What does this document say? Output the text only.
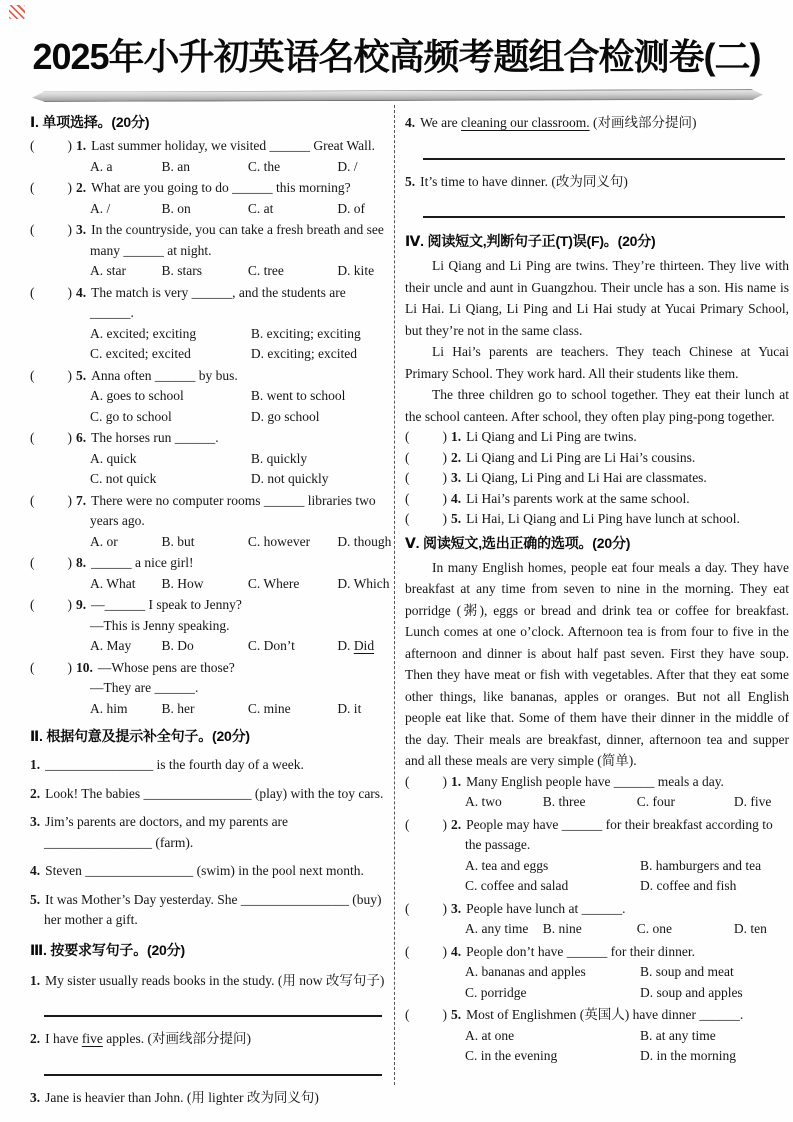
2025年小升初英语名校高频考题组合检测卷(二)
Ⅰ. 单项选择。(20分)
(　　) 1. Last summer holiday, we visited ______ Great Wall.
A. a	B. an	C. the	D. /
(　　) 2. What are you going to do ______ this morning?
A. /	B. on	C. at	D. of
(　　) 3. In the countryside, you can take a fresh breath and see many ______ at night.
A. star	B. stars	C. tree	D. kite
(　　) 4. The match is very ______, and the students are ______.
A. excited; exciting	B. exciting; exciting
C. excited; excited	D. exciting; excited
(　　) 5. Anna often ______ by bus.
A. goes to school	B. went to school
C. go to school	D. go school
(　　) 6. The horses run ______.
A. quick	B. quickly
C. not quick	D. not quickly
(　　) 7. There were no computer rooms ______ libraries two years ago.
A. or	B. but	C. however	D. though
(　　) 8. ______ a nice girl!
A. What	B. How	C. Where	D. Which
(　　) 9. —______ I speak to Jenny?
—This is Jenny speaking.
A. May	B. Do	C. Don’t	D. Did
(　　) 10. —Whose pens are those?
—They are ______.
A. him	B. her	C. mine	D. it
Ⅱ. 根据句意及提示补全句子。(20分)
1. ________________ is the fourth day of a week.
2. Look! The babies ________________ (play) with the toy cars.
3. Jim’s parents are doctors, and my parents are ________________ (farm).
4. Steven ________________ (swim) in the pool next month.
5. It was Mother’s Day yesterday. She ________________ (buy) her mother a gift.
Ⅲ. 按要求写句子。(20分)
1. My sister usually reads books in the study. (用 now 改写句子)
2. I have five apples. (对画线部分提问)
3. Jane is heavier than John. (用 lighter 改为同义句)
4. We are cleaning our classroom. (对画线部分提问)
5. It’s time to have dinner. (改为同义句)
Ⅳ. 阅读短文,判断句子正(T)误(F)。(20分)

Li Qiang and Li Ping are twins. They’re thirteen. They live with their uncle and aunt in Guangzhou. Their uncle has a son. His name is Li Hai. Li Qiang, Li Ping and Li Hai study at Yucai Primary School, but they’re not in the same class.

Li Hai’s parents are teachers. They teach Chinese at Yucai Primary School. They work hard. All their students like them.

The three children go to school together. They eat their lunch at the school canteen. After school, they often play ping-pong together.

(　　) 1. Li Qiang and Li Ping are twins.
(　　) 2. Li Qiang and Li Ping are Li Hai’s cousins.
(　　) 3. Li Qiang, Li Ping and Li Hai are classmates.
(　　) 4. Li Hai’s parents work at the same school.
(　　) 5. Li Hai, Li Qiang and Li Ping have lunch at school.
Ⅴ. 阅读短文,选出正确的选项。(20分)

In many English homes, people eat four meals a day. They have breakfast at any time from seven to nine in the morning. They eat porridge (粥), eggs or bread and drink tea or coffee for breakfast. Lunch comes at one o’clock. Afternoon tea is from four to five in the afternoon and dinner is about half past seven. First they have soup. Then they have meat or fish with vegetables. After that they eat some other things, like bananas, apples or oranges. But not all English people eat like that. Some of them have their dinner in the middle of the day. Their meals are breakfast, dinner, afternoon tea and supper and all these meals are very simple (简单).

(　　) 1. Many English people have ______ meals a day.
A. two	B. three	C. four	D. five
(　　) 2. People may have ______ for their breakfast according to the passage.
A. tea and eggs	B. hamburgers and tea
C. coffee and salad	D. coffee and fish
(　　) 3. People have lunch at ______.
A. any time	B. nine	C. one	D. ten
(　　) 4. People don’t have ______ for their dinner.
A. bananas and apples	B. soup and meat
C. porridge	D. soup and apples
(　　) 5. Most of Englishmen (英国人) have dinner ______.
A. at one	B. at any time
C. in the evening	D. in the morning
